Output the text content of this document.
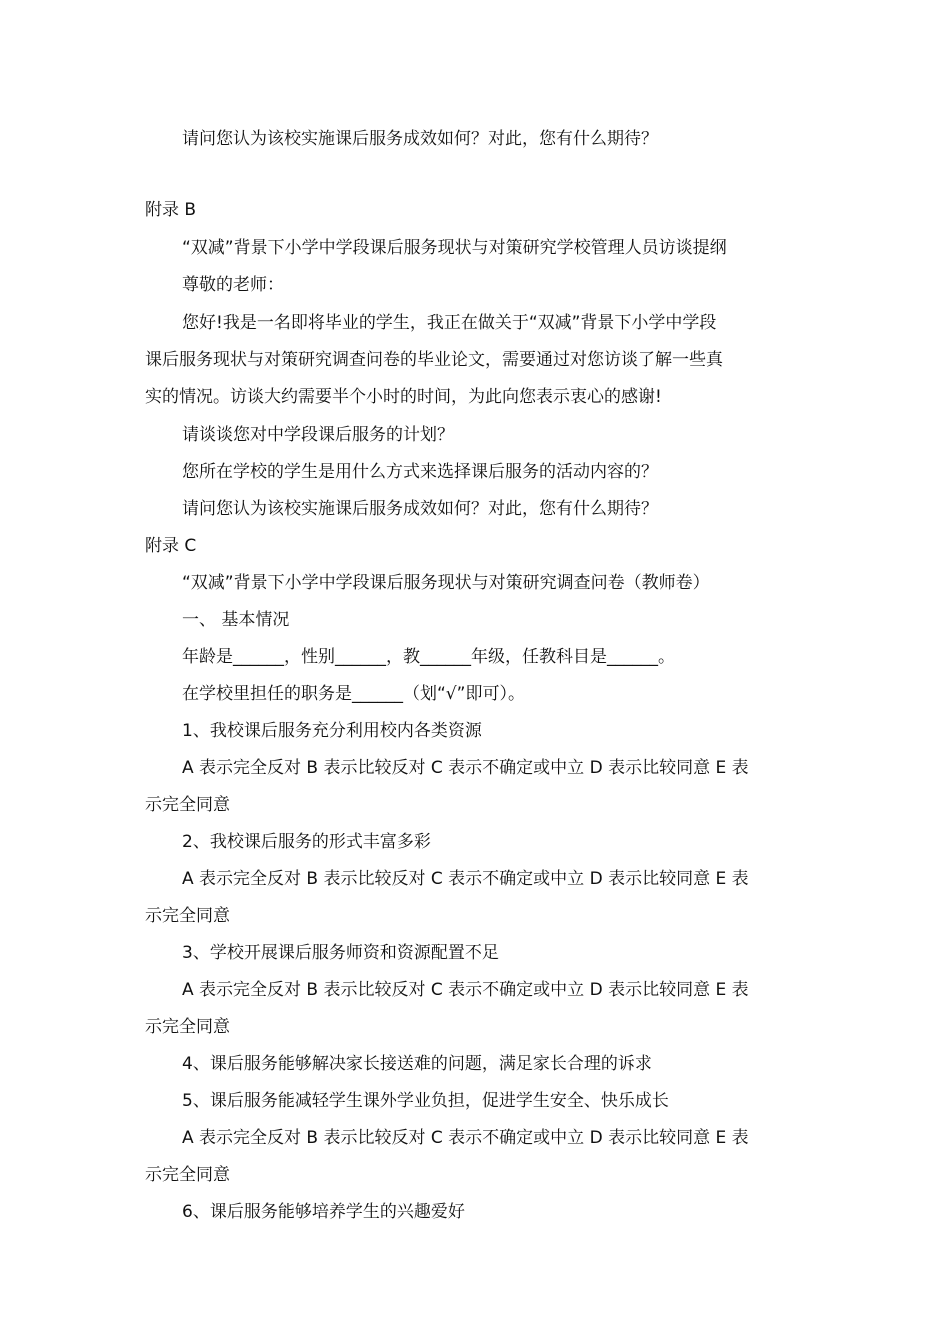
请问您认为该校实施课后服务成效如何？对此，您有什么期待？
附录 B
“双减”背景下小学中学段课后服务现状与对策研究学校管理人员访谈提纲
尊敬的老师：
您好!我是一名即将毕业的学生，我正在做关于“双减”背景下小学中学段
课后服务现状与对策研究调查问卷的毕业论文，需要通过对您访谈了解一些真
实的情况。访谈大约需要半个小时的时间，为此向您表示衷心的感谢!
请谈谈您对中学段课后服务的计划？
您所在学校的学生是用什么方式来选择课后服务的活动内容的？
请问您认为该校实施课后服务成效如何？对此，您有什么期待？
附录 C
“双减”背景下小学中学段课后服务现状与对策研究调查问卷（教师卷）
一、 基本情况
年龄是______，性别______，教______年级，任教科目是______。
在学校里担任的职务是______（划“√”即可）。
1、我校课后服务充分利用校内各类资源
A 表示完全反对 B 表示比较反对 C 表示不确定或中立 D 表示比较同意 E 表
示完全同意
2、我校课后服务的形式丰富多彩
A 表示完全反对 B 表示比较反对 C 表示不确定或中立 D 表示比较同意 E 表
示完全同意
3、学校开展课后服务师资和资源配置不足
A 表示完全反对 B 表示比较反对 C 表示不确定或中立 D 表示比较同意 E 表
示完全同意
4、课后服务能够解决家长接送难的问题，满足家长合理的诉求
5、课后服务能减轻学生课外学业负担，促进学生安全、快乐成长
A 表示完全反对 B 表示比较反对 C 表示不确定或中立 D 表示比较同意 E 表
示完全同意
6、课后服务能够培养学生的兴趣爱好
